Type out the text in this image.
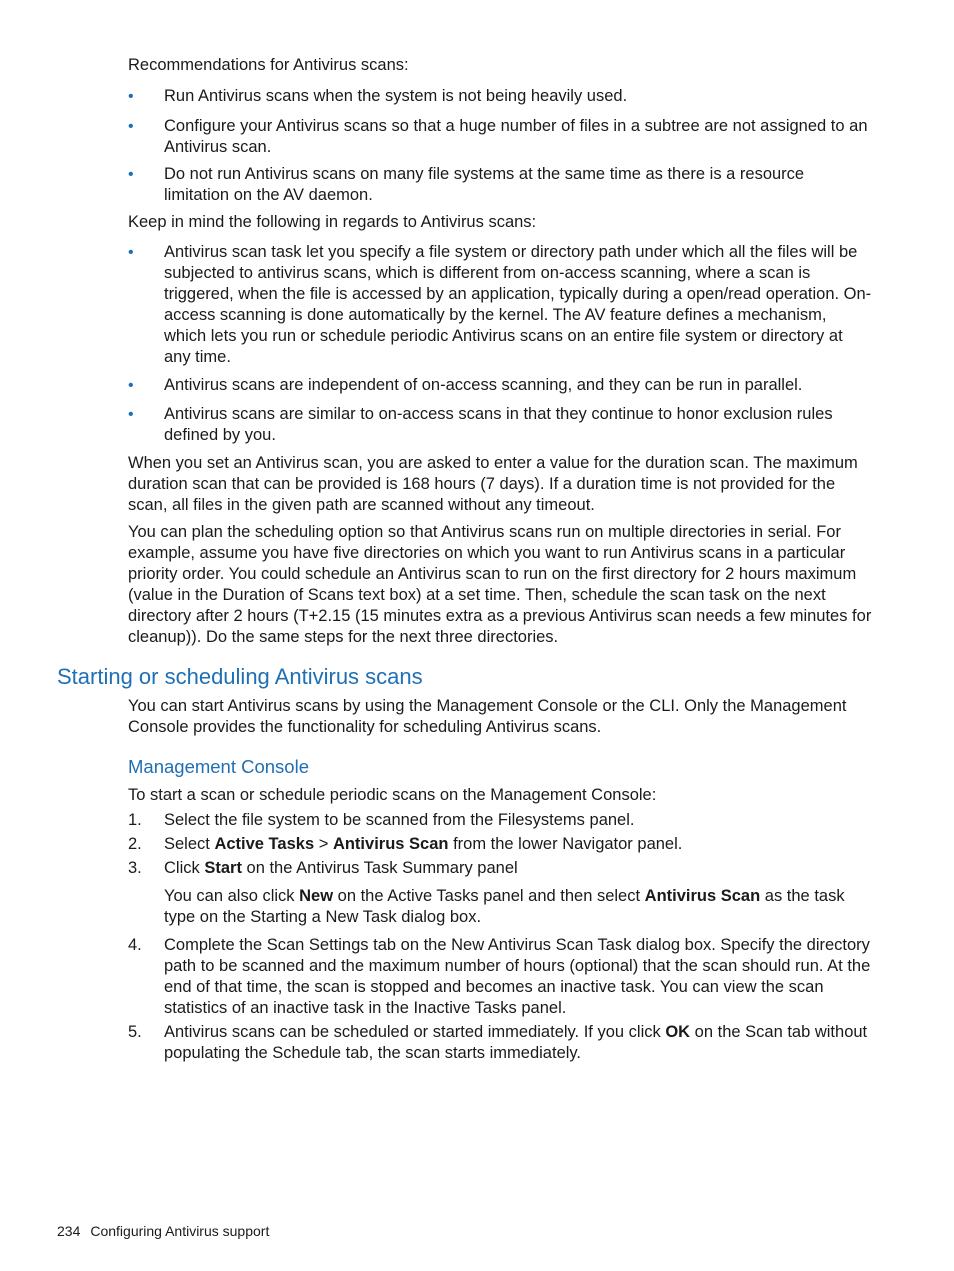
Recommendations for Antivirus scans:

• Run Antivirus scans when the system is not being heavily used.
• Configure your Antivirus scans so that a huge number of files in a subtree are not assigned to an Antivirus scan.
• Do not run Antivirus scans on many file systems at the same time as there is a resource limitation on the AV daemon.

Keep in mind the following in regards to Antivirus scans:

• Antivirus scan task let you specify a file system or directory path under which all the files will be subjected to antivirus scans, which is different from on-access scanning, where a scan is triggered, when the file is accessed by an application, typically during a open/read operation. On-access scanning is done automatically by the kernel. The AV feature defines a mechanism, which lets you run or schedule periodic Antivirus scans on an entire file system or directory at any time.
• Antivirus scans are independent of on-access scanning, and they can be run in parallel.
• Antivirus scans are similar to on-access scans in that they continue to honor exclusion rules defined by you.

When you set an Antivirus scan, you are asked to enter a value for the duration scan. The maximum duration scan that can be provided is 168 hours (7 days). If a duration time is not provided for the scan, all files in the given path are scanned without any timeout.

You can plan the scheduling option so that Antivirus scans run on multiple directories in serial. For example, assume you have five directories on which you want to run Antivirus scans in a particular priority order. You could schedule an Antivirus scan to run on the first directory for 2 hours maximum (value in the Duration of Scans text box) at a set time. Then, schedule the scan task on the next directory after 2 hours (T+2.15 (15 minutes extra as a previous Antivirus scan needs a few minutes for cleanup)). Do the same steps for the next three directories.

Starting or scheduling Antivirus scans

You can start Antivirus scans by using the Management Console or the CLI. Only the Management Console provides the functionality for scheduling Antivirus scans.

Management Console

To start a scan or schedule periodic scans on the Management Console:

1. Select the file system to be scanned from the Filesystems panel.
2. Select Active Tasks > Antivirus Scan from the lower Navigator panel.
3. Click Start on the Antivirus Task Summary panel

You can also click New on the Active Tasks panel and then select Antivirus Scan as the task type on the Starting a New Task dialog box.

4. Complete the Scan Settings tab on the New Antivirus Scan Task dialog box. Specify the directory path to be scanned and the maximum number of hours (optional) that the scan should run. At the end of that time, the scan is stopped and becomes an inactive task. You can view the scan statistics of an inactive task in the Inactive Tasks panel.
5. Antivirus scans can be scheduled or started immediately. If you click OK on the Scan tab without populating the Schedule tab, the scan starts immediately.
234 Configuring Antivirus support
